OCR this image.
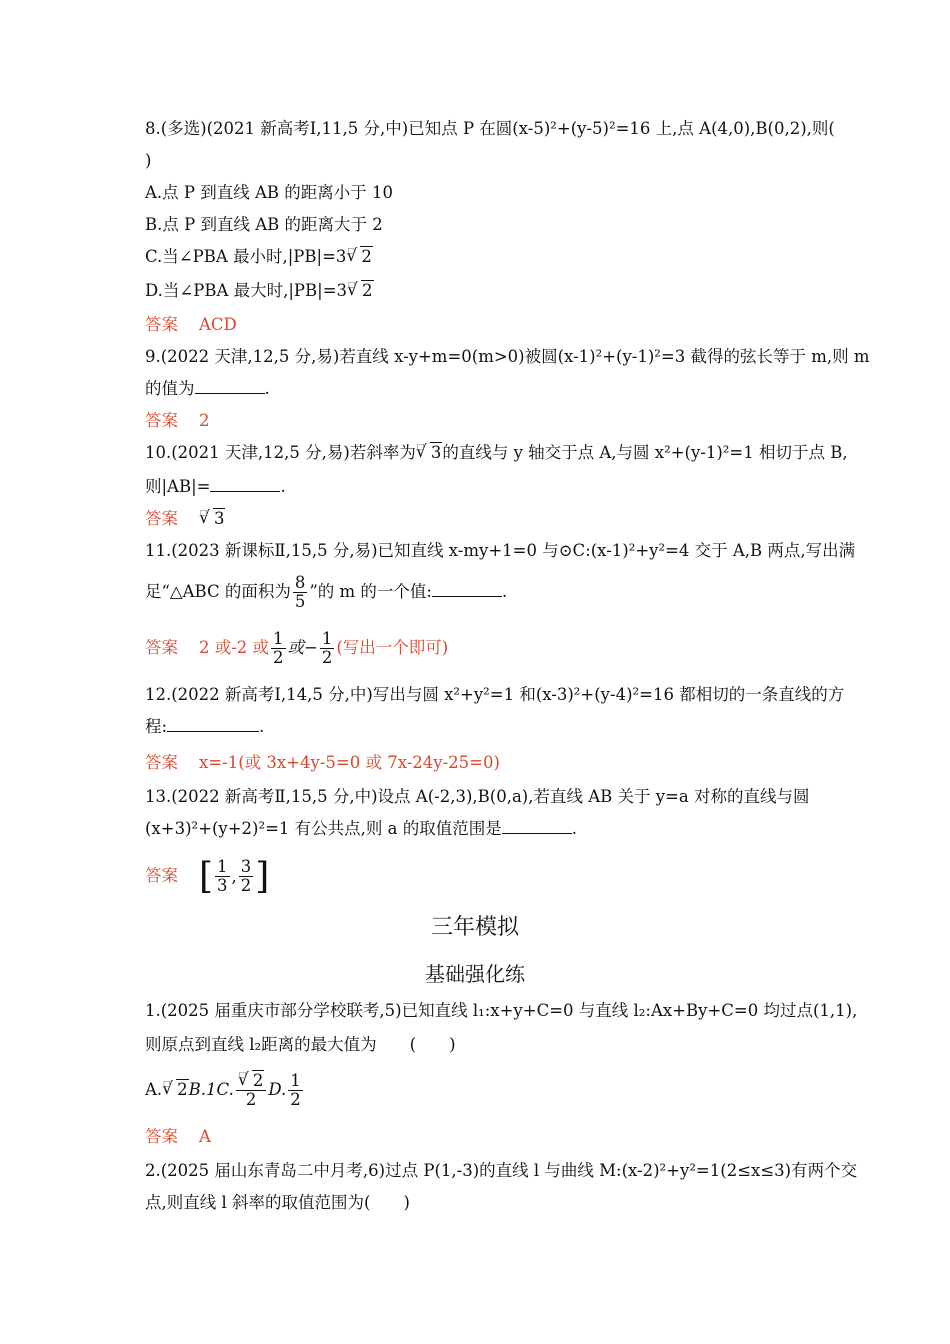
8.(多选)(2021 新高考Ⅰ,11,5 分,中)已知点 P 在圆(x-5)²+(y-5)²=16 上,点 A(4,0),B(0,2),则(
)
A.点 P 到直线 AB 的距离小于 10
B.点 P 到直线 AB 的距离大于 2
C.当∠PBA 最小时,|PB|=3 √ □ 2
D.当∠PBA 最大时,|PB|=3 √ □ 2
答案 ACD
9.(2022 天津,12,5 分,易)若直线 x-y+m=0(m>0)被圆(x-1)²+(y-1)²=3 截得的弦长等于 m,则 m
的值为	.
答案 2
10.(2021 天津,12,5 分,易)若斜率为 √ □ 3的直线与 y 轴交于点 A,与圆 x²+(y-1)²=1 相切于点 B,
则|AB|=	.
答案	√ □ 3
11.(2023 新课标Ⅱ,15,5 分,易)已知直线 x-my+1=0 与⊙C:(x-1)²+y²=4 交于 A,B 两点,写出满
足“△ABC 的面积为 $\frac{8}{5}$ ”的 m 的一个值:	.
答案 2 或-2 或 $\frac{1}{2}$ 或− $\frac{1}{2}$ (写出一个即可)
12.(2022 新高考Ⅰ,14,5 分,中)写出与圆 x²+y²=1 和(x-3)²+(y-4)²=16 都相切的一条直线的方
程:	.
答案 x=-1(或 3x+4y-5=0 或 7x-24y-25=0)
13.(2022 新高考Ⅱ,15,5 分,中)设点 A(-2,3),B(0,a),若直线 AB 关于 y=a 对称的直线与圆
(x+3)²+(y+2)²=1 有公共点,则 a 的取值范围是	.
答案 [ $\frac{1}{3}$ , $\frac{3}{2}$ ]
三年模拟
基础强化练
1.(2025 届重庆市部分学校联考,5)已知直线 l₁:x+y+C=0 与直线 l₂:Ax+By+C=0 均过点(1,1),
则原点到直线 l₂距离的最大值为　　(　　)
A. √ □ 2B.1C. √ $\frac{□ 2}{2} D$. $\frac{1}{2}$
答案 A
2.(2025 届山东青岛二中月考,6)过点 P(1,-3)的直线 l 与曲线 M:(x-2)²+y²=1(2≤x≤3)有两个交
点,则直线 l 斜率的取值范围为(　　)
